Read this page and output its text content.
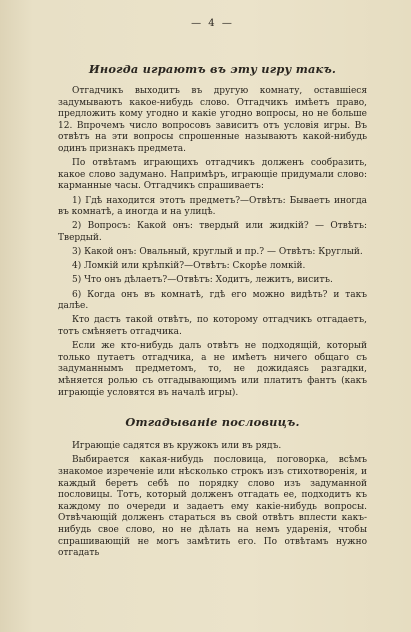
— 4 —
Иногда играютъ въ эту игру такъ.

Отгадчикъ выходитъ въ другую комнату, оставшіеся задумываютъ какое-нибудь слово. Отгадчикъ имѣетъ право, предложить кому угодно и какіе угодно вопросы, но не больше 12. Впрочемъ число вопросовъ зависитъ отъ условія игры. Въ отвѣтъ на эти вопросы спрошенные называютъ какой-нибудь одинъ признакъ предмета.

По отвѣтамъ играющихъ отгадчикъ долженъ сообразить, какое слово задумано. Напримѣръ, играющіе придумали слово: карманные часы. Отгадчикъ спрашиваетъ:

1) Гдѣ находится этотъ предметъ?—Отвѣтъ: Бываетъ иногда въ комнатѣ, а иногда и на улицѣ.

2) Вопросъ: Какой онъ: твердый или жидкій? — Отвѣтъ: Твердый.

3) Какой онъ: Овальный, круглый и пр.? — Отвѣтъ: Круглый.

4) Ломкій или крѣпкій?—Отвѣтъ: Скорѣе ломкій.

5) Что онъ дѣлаетъ?—Отвѣтъ: Ходитъ, лежитъ, виситъ.

6) Когда онъ въ комнатѣ, гдѣ его можно видѣть? и такъ далѣе.

Кто дастъ такой отвѣтъ, по которому отгадчикъ отгадаетъ, тотъ смѣняетъ отгадчика.

Если же кто-нибудь далъ отвѣтъ не подходящій, который только путаетъ отгадчика, а не имѣетъ ничего общаго съ задуманнымъ предметомъ, то, не дожидаясь разгадки, мѣняется ролью съ отгадывающимъ или платитъ фантъ (какъ играющіе условятся въ началѣ игры).

Отгадываніе пословицъ.

Играющіе садятся въ кружокъ или въ рядъ.

Выбирается какая-нибудь пословица, поговорка, всѣмъ знакомое изреченіе или нѣсколько строкъ изъ стихотворенія, и каждый беретъ себѣ по порядку слово изъ задуманной пословицы. Тотъ, который долженъ отгадать ее, подходитъ къ каждому по очереди и задаетъ ему какіе-нибудь вопросы. Отвѣчающій долженъ стараться въ свой отвѣтъ вплести какъ-нибудь свое слово, но не дѣлать на немъ ударенія, чтобы спрашивающій не могъ замѣтить его. По отвѣтамъ нужно отгадать
